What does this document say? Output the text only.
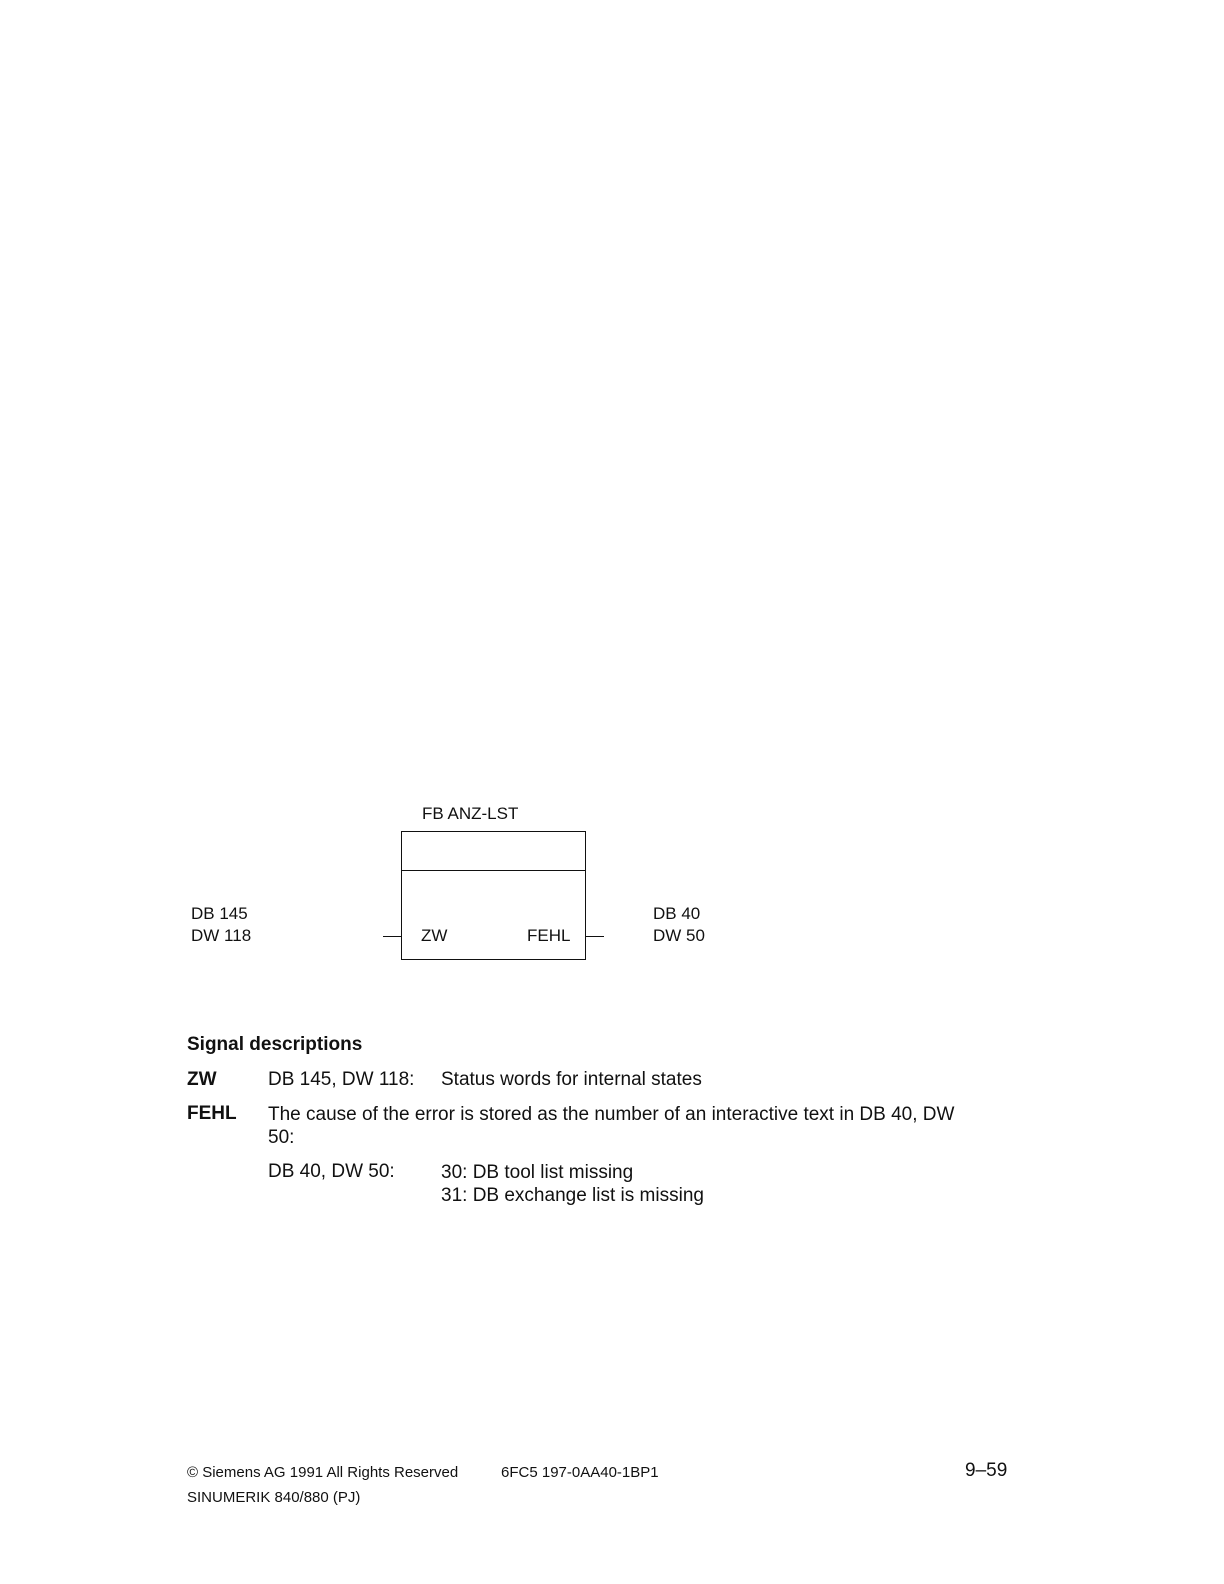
FB ANZ-LST
ZW	FEHL
DB 145
DW 118
DB 40
DW 50
Signal descriptions
ZW	DB 145, DW 118: Status words for internal states
FEHL The cause of the error is stored as the number of an interactive text in DB 40, DW 50:
DB 40, DW 50: 30: DB tool list missing
31: DB exchange list is missing
© Siemens AG 1991 All Rights Reserved	6FC5 197-0AA40-1BP1	9–59
SINUMERIK 840/880 (PJ)
